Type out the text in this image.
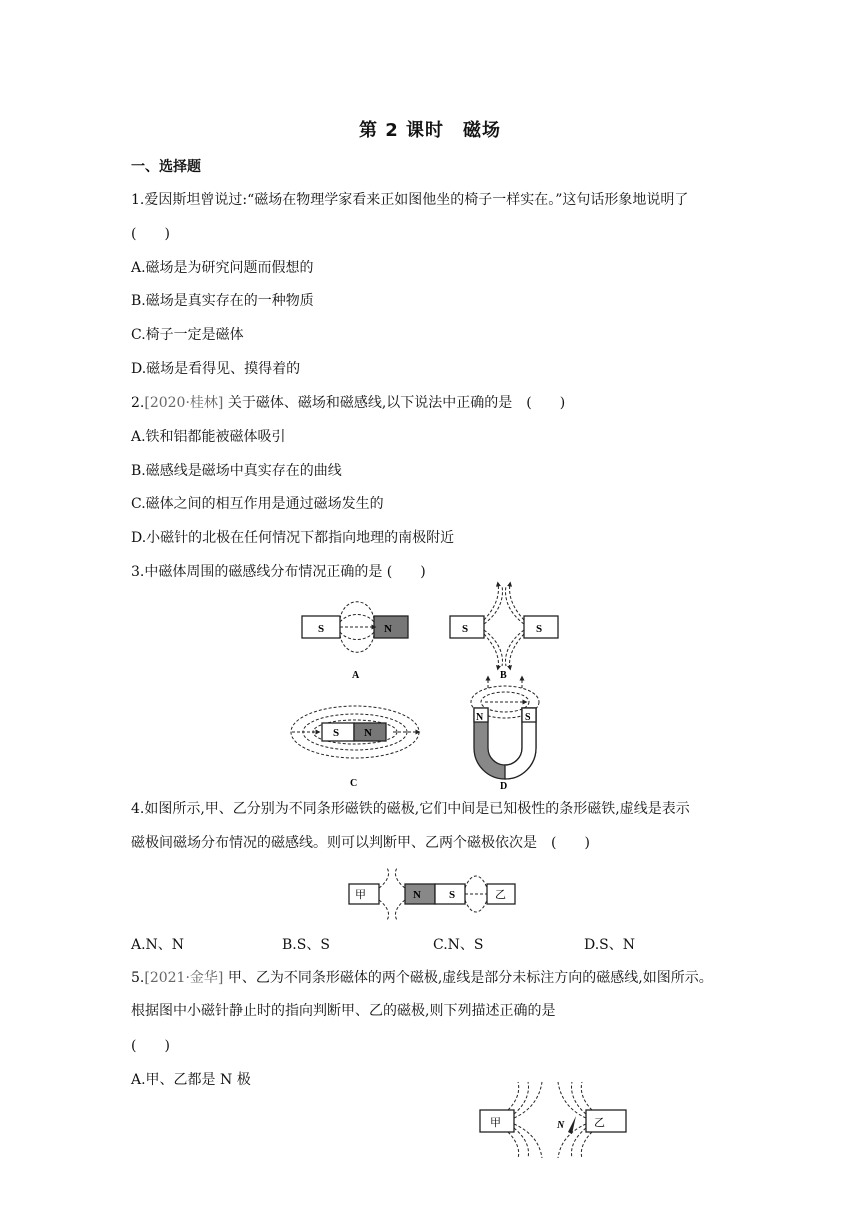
第 2 课时　磁场
一、选择题
1.爱因斯坦曾说过:“磁场在物理学家看来正如图他坐的椅子一样实在。”这句话形象地说明了
(　　)
A.磁场是为研究问题而假想的
B.磁场是真实存在的一种物质
C.椅子一定是磁体
D.磁场是看得见、摸得着的
2.[2020·桂林] 关于磁体、磁场和磁感线,以下说法中正确的是　(　　)
A.铁和铝都能被磁体吸引
B.磁感线是磁场中真实存在的曲线
C.磁体之间的相互作用是通过磁场发生的
D.小磁针的北极在任何情况下都指向地理的南极附近
3.中磁体周围的磁感线分布情况正确的是 (　　)
S	N
A
S	S
B
S N
C
N	S
D
4.如图所示,甲、乙分别为不同条形磁铁的磁极,它们中间是已知极性的条形磁铁,虚线是表示
磁极间磁场分布情况的磁感线。则可以判断甲、乙两个磁极依次是　(　　)
甲	N	S	乙
A.N、N	B.S、S	C.N、S	D.S、N
5.[2021·金华] 甲、乙为不同条形磁体的两个磁极,虚线是部分未标注方向的磁感线,如图所示。
根据图中小磁针静止时的指向判断甲、乙的磁极,则下列描述正确的是
(　　)
A.甲、乙都是 N 极
甲	N	乙
